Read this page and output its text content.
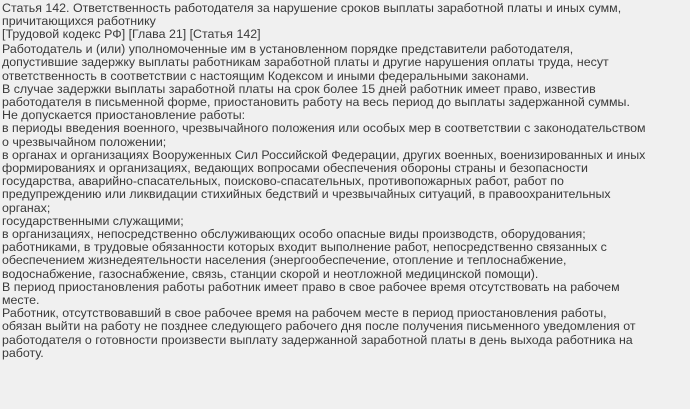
Статья 142. Ответственность работодателя за нарушение сроков выплаты заработной платы и иных сумм,
причитающихся работнику
[Трудовой кодекс РФ] [Глава 21] [Статья 142]
Работодатель и (или) уполномоченные им в установленном порядке представители работодателя,
допустившие задержку выплаты работникам заработной платы и другие нарушения оплаты труда, несут
ответственность в соответствии с настоящим Кодексом и иными федеральными законами.
В случае задержки выплаты заработной платы на срок более 15 дней работник имеет право, известив
работодателя в письменной форме, приостановить работу на весь период до выплаты задержанной суммы.
Не допускается приостановление работы:
в периоды введения военного, чрезвычайного положения или особых мер в соответствии с законодательством
о чрезвычайном положении;
в органах и организациях Вооруженных Сил Российской Федерации, других военных, военизированных и иных
формированиях и организациях, ведающих вопросами обеспечения обороны страны и безопасности
государства, аварийно-спасательных, поисково-спасательных, противопожарных работ, работ по
предупреждению или ликвидации стихийных бедствий и чрезвычайных ситуаций, в правоохранительных
органах;
государственными служащими;
в организациях, непосредственно обслуживающих особо опасные виды производств, оборудования;
работниками, в трудовые обязанности которых входит выполнение работ, непосредственно связанных с
обеспечением жизнедеятельности населения (энергообеспечение, отопление и теплоснабжение,
водоснабжение, газоснабжение, связь, станции скорой и неотложной медицинской помощи).
В период приостановления работы работник имеет право в свое рабочее время отсутствовать на рабочем
месте.
Работник, отсутствовавший в свое рабочее время на рабочем месте в период приостановления работы,
обязан выйти на работу не позднее следующего рабочего дня после получения письменного уведомления от
работодателя о готовности произвести выплату задержанной заработной платы в день выхода работника на
работу.
